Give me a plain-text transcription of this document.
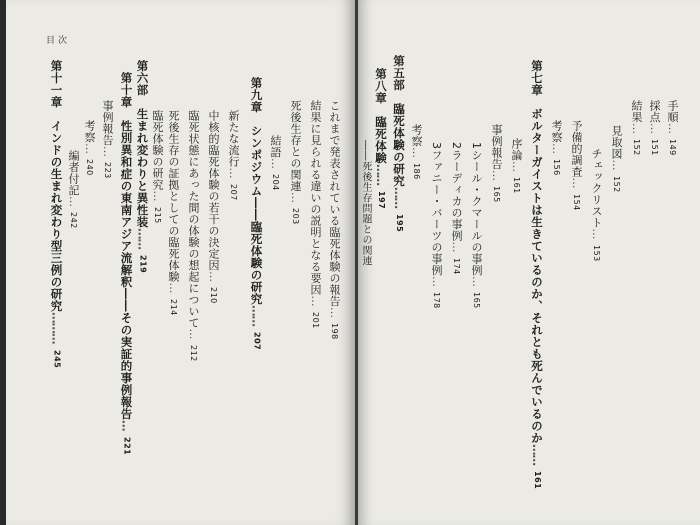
手順…149
採点…151
結果…152
見取図…152
チェックリスト…153
予備的調査…154
考察…156
第七章　ボルターガイストは生きているのか、それとも死んでいるのか……161
序論…161
事例報告…165
1シール・クマールの事例…165
2ラーディカの事例…174
3ファニー・バーツの事例…178
考察…186
第五部　臨死体験の研究……195
第八章　臨死体験……197
――死後生存問題との関連
目次
これまで発表されている臨死体験の報告…198
結果に見られる違いの説明となる要因…201
死後生存との関連…203
結語…204
第九章　シンポジウム――臨死体験の研究……207
新たな流行…207
中核的臨死体験の若干の決定因…210
臨死状態にあった間の体験の想起について…212
死後生存の証拠としての臨死体験…214
臨死体験の研究…215
第六部　生まれ変わりと異性装……219
第十章　性別異和症の東南アジア流解釈――その実証的事例報告…221
事例報告…223
考察…240
編者付記…242
第十一章　インドの生まれ変わり型三例の研究………245
